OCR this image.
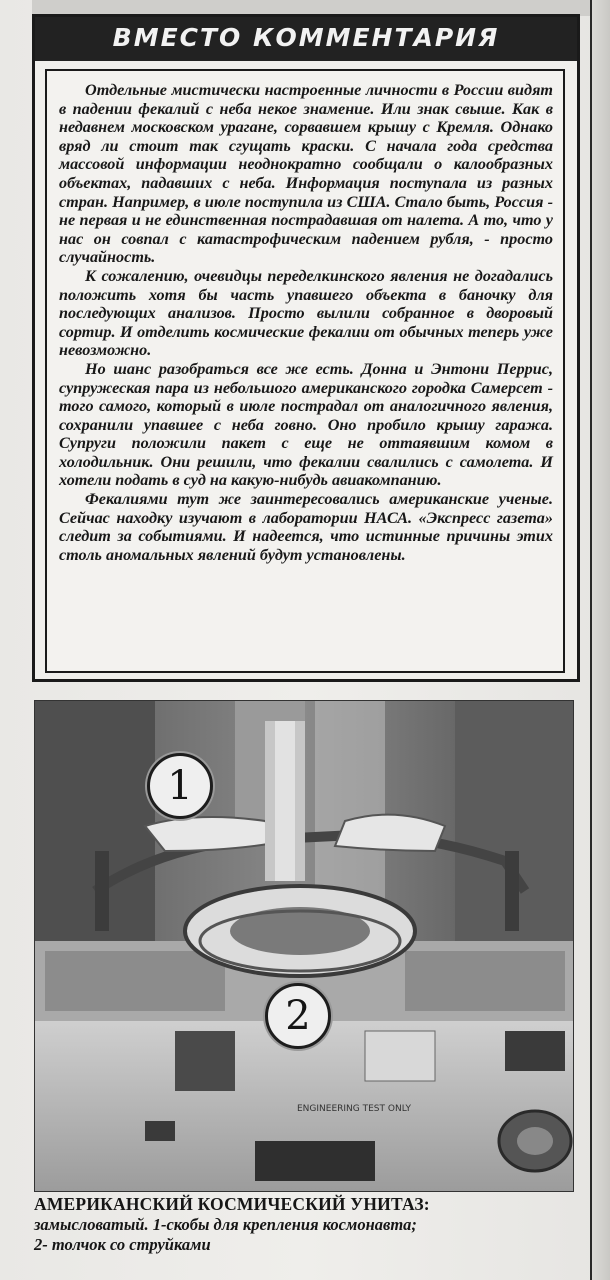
ВМЕСТО КОММЕНТАРИЯ

Отдельные мистически настроенные личности в России видят в падении фекалий с неба некое знамение. Или знак свыше. Как в недавнем московском урагане, сорвавшем крышу с Кремля. Однако вряд ли стоит так сгущать краски. С начала года средства массовой информации неоднократно сообщали о калообразных объектах, падавших с неба. Информация поступала из разных стран. Например, в июле поступила из США. Стало быть, Россия - не первая и не единственная пострадавшая от налета. А то, что у нас он совпал с катастрофическим падением рубля, - просто случайность.

К сожалению, очевидцы переделкинского явления не догадались положить хотя бы часть упавшего объекта в баночку для последующих анализов. Просто вылили собранное в дворовый сортир. И отделить космические фекалии от обычных теперь уже невозможно.

Но шанс разобраться все же есть. Донна и Энтони Перрис, супружеская пара из небольшого американского городка Самерсет - того самого, который в июле пострадал от аналогичного явления, сохранили упавшее с неба говно. Оно пробило крышу гаража. Супруги положили пакет с еще не оттаявшим комом в холодильник. Они решили, что фекалии свалились с самолета. И хотели подать в суд на какую-нибудь авиакомпанию.

Фекалиями тут же заинтересовались американские ученые. Сейчас находку изучают в лаборатории НАСА. «Экспресс газета» следит за событиями. И надеется, что истинные причины этих столь аномальных явлений будут установлены.

ENGINEERING TEST ONLY
1
2
АМЕРИКАНСКИЙ КОСМИЧЕСКИЙ УНИТАЗ:
замысловатый. 1-скобы для крепления космонавта;
2- толчок со струйками
